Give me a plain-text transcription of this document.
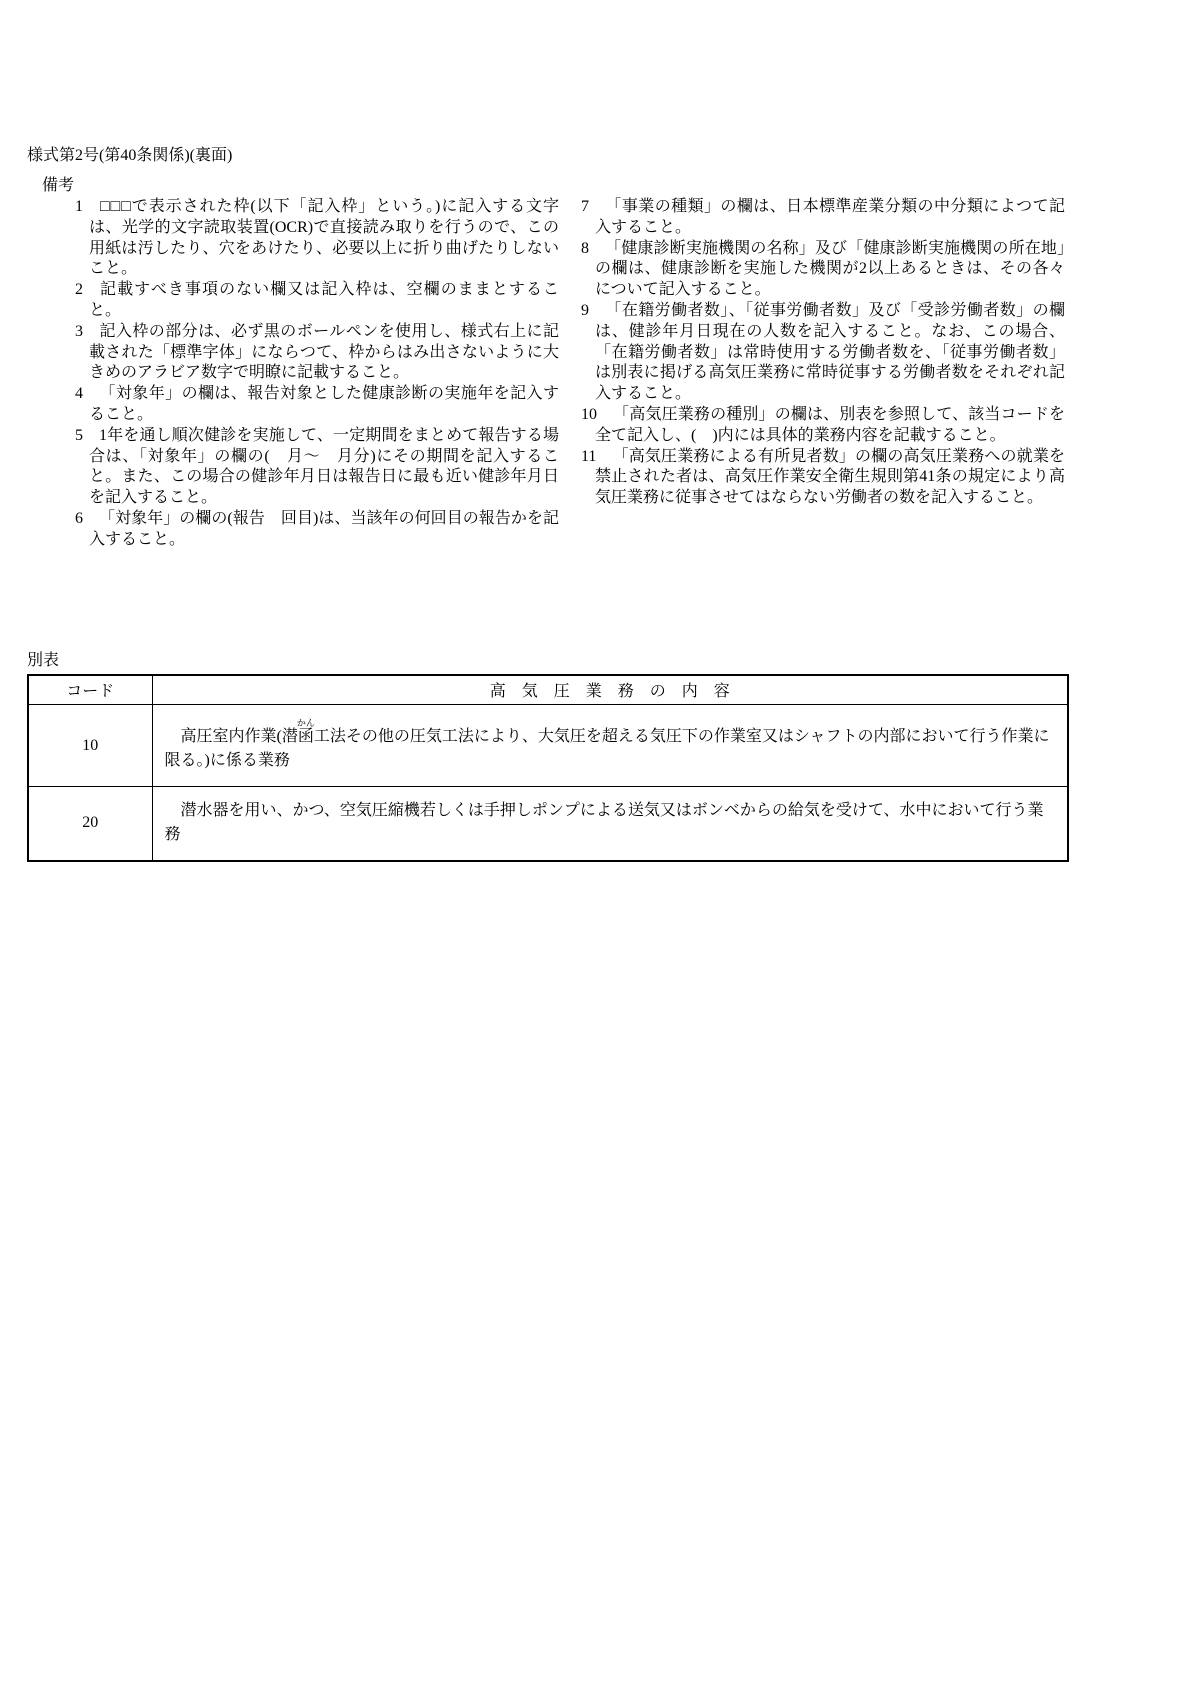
様式第2号(第40条関係)(裏面)
備考
1 □□□で表示された枠(以下「記入枠」という。)に記入する文字は、光学的文字読取装置(OCR)で直接読み取りを行うので、この用紙は汚したり、穴をあけたり、必要以上に折り曲げたりしないこと。
2 記載すべき事項のない欄又は記入枠は、空欄のままとすること。
3 記入枠の部分は、必ず黒のボールペンを使用し、様式右上に記載された「標準字体」にならつて、枠からはみ出さないように大きめのアラビア数字で明瞭に記載すること。
4 「対象年」の欄は、報告対象とした健康診断の実施年を記入すること。
5 1年を通し順次健診を実施して、一定期間をまとめて報告する場合は、「対象年」の欄の(　月〜　月分)にその期間を記入すること。また、この場合の健診年月日は報告日に最も近い健診年月日を記入すること。
6 「対象年」の欄の(報告　回目)は、当該年の何回目の報告かを記入すること。
7 「事業の種類」の欄は、日本標準産業分類の中分類によつて記入すること。
8 「健康診断実施機関の名称」及び「健康診断実施機関の所在地」の欄は、健康診断を実施した機関が2以上あるときは、その各々について記入すること。
9 「在籍労働者数」、「従事労働者数」及び「受診労働者数」の欄は、健診年月日現在の人数を記入すること。なお、この場合、「在籍労働者数」は常時使用する労働者数を、「従事労働者数」は別表に掲げる高気圧業務に常時従事する労働者数をそれぞれ記入すること。
10 「高気圧業務の種別」の欄は、別表を参照して、該当コードを全て記入し、(　)内には具体的業務内容を記載すること。
11 「高気圧業務による有所見者数」の欄の高気圧業務への就業を禁止された者は、高気圧作業安全衛生規則第41条の規定により高気圧業務に従事させてはならない労働者の数を記入すること。
別表
コード	高　気　圧　業　務　の　内　容
10	高圧室内作業(潜函かん工法その他の圧気工法により、大気圧を超える気圧下の作業室又はシャフトの内部において行う作業に限る。)に係る業務

20	潜水器を用い、かつ、空気圧縮機若しくは手押しポンプによる送気又はボンベからの給気を受けて、水中において行う業務
